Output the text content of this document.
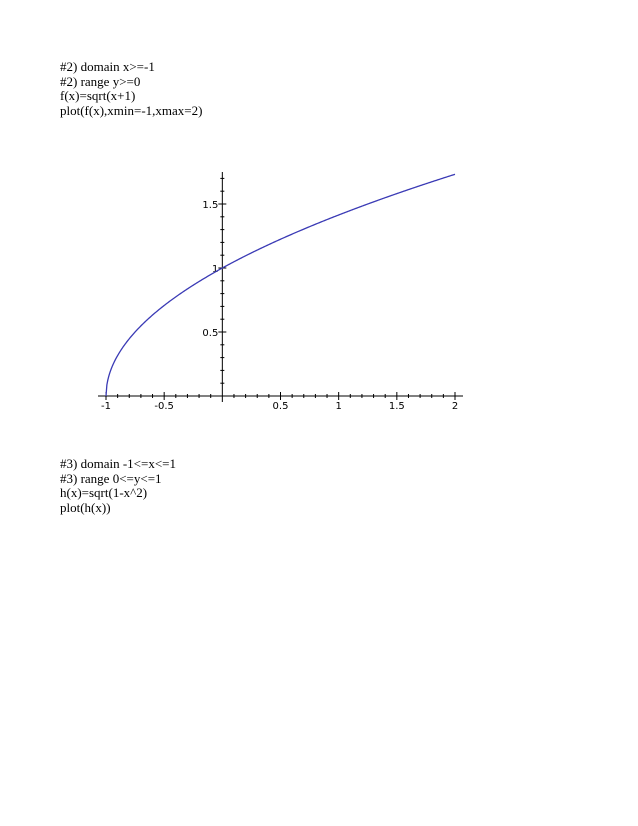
#2) domain x>=-1
#2) range y>=0
f(x)=sqrt(x+1)
plot(f(x),xmin=-1,xmax=2)
-1	-0.5	0.5	1	1.5	2
0.5
1
1.5
#3) domain -1<=x<=1
#3) range 0<=y<=1
h(x)=sqrt(1-x^2)
plot(h(x))
